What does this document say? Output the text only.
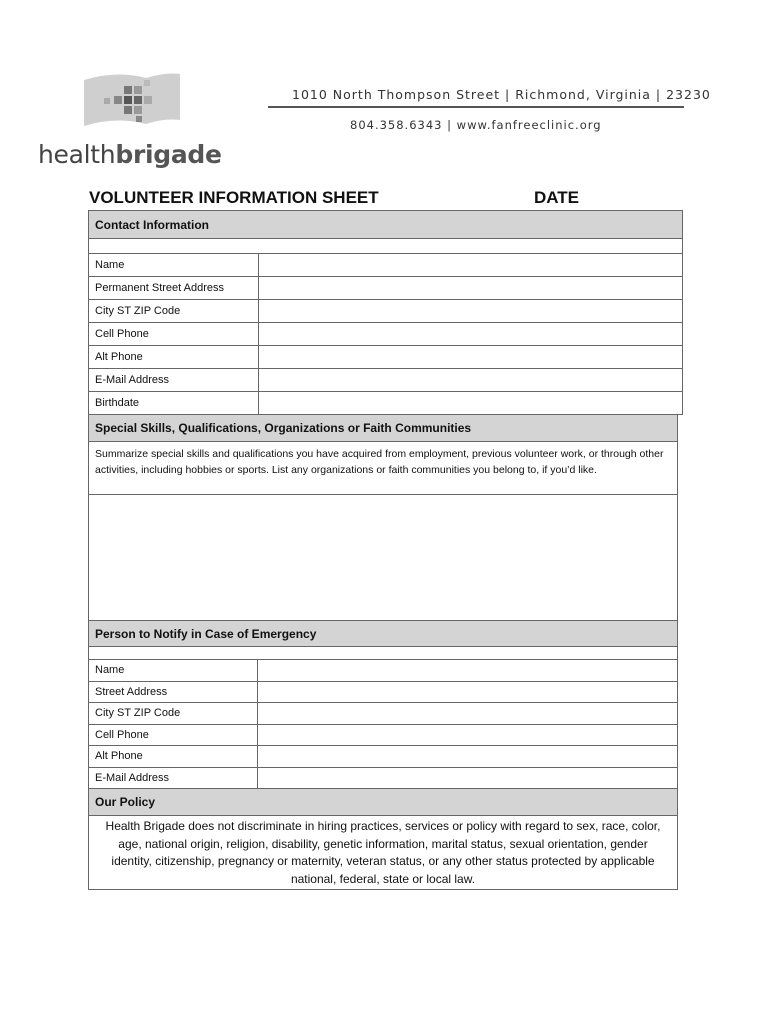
healthbrigade
1010 North Thompson Street | Richmond, Virginia | 23230
804.358.6343 | www.fanfreeclinic.org
VOLUNTEER INFORMATION SHEET	DATE
Contact Information
Name
Permanent Street Address
City ST ZIP Code
Cell Phone
Alt Phone
E-Mail Address
Birthdate
Special Skills, Qualifications, Organizations or Faith Communities
Summarize special skills and qualifications you have acquired from employment, previous volunteer work, or through other activities, including hobbies or sports. List any organizations or faith communities you belong to, if you’d like.
Person to Notify in Case of Emergency
Name
Street Address
City ST ZIP Code
Cell Phone
Alt Phone
E-Mail Address
Our Policy
Health Brigade does not discriminate in hiring practices, services or policy with regard to sex, race, color, age, national origin, religion, disability, genetic information, marital status, sexual orientation, gender identity, citizenship, pregnancy or maternity, veteran status, or any other status protected by applicable national, federal, state or local law.
